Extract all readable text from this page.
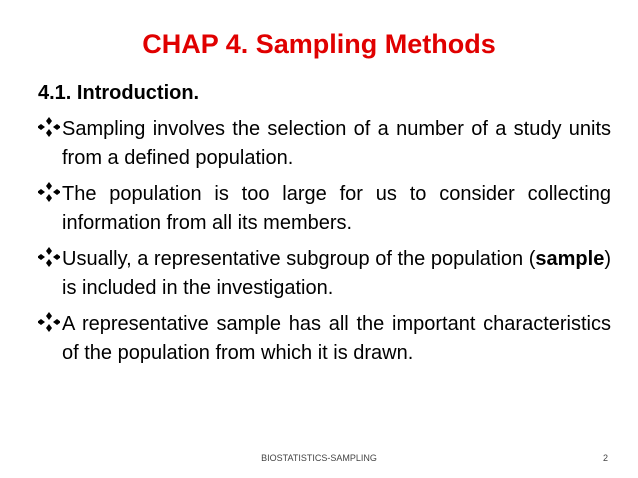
CHAP 4. Sampling Methods
4.1. Introduction.
Sampling involves the selection of a number of a study units from a defined population.
The population is too large for us to consider collecting information from all its members.
Usually, a representative subgroup of the population (sample) is included in the investigation.
A representative sample has all the important characteristics of the population from which it is drawn.
BIOSTATISTICS-SAMPLING	2
